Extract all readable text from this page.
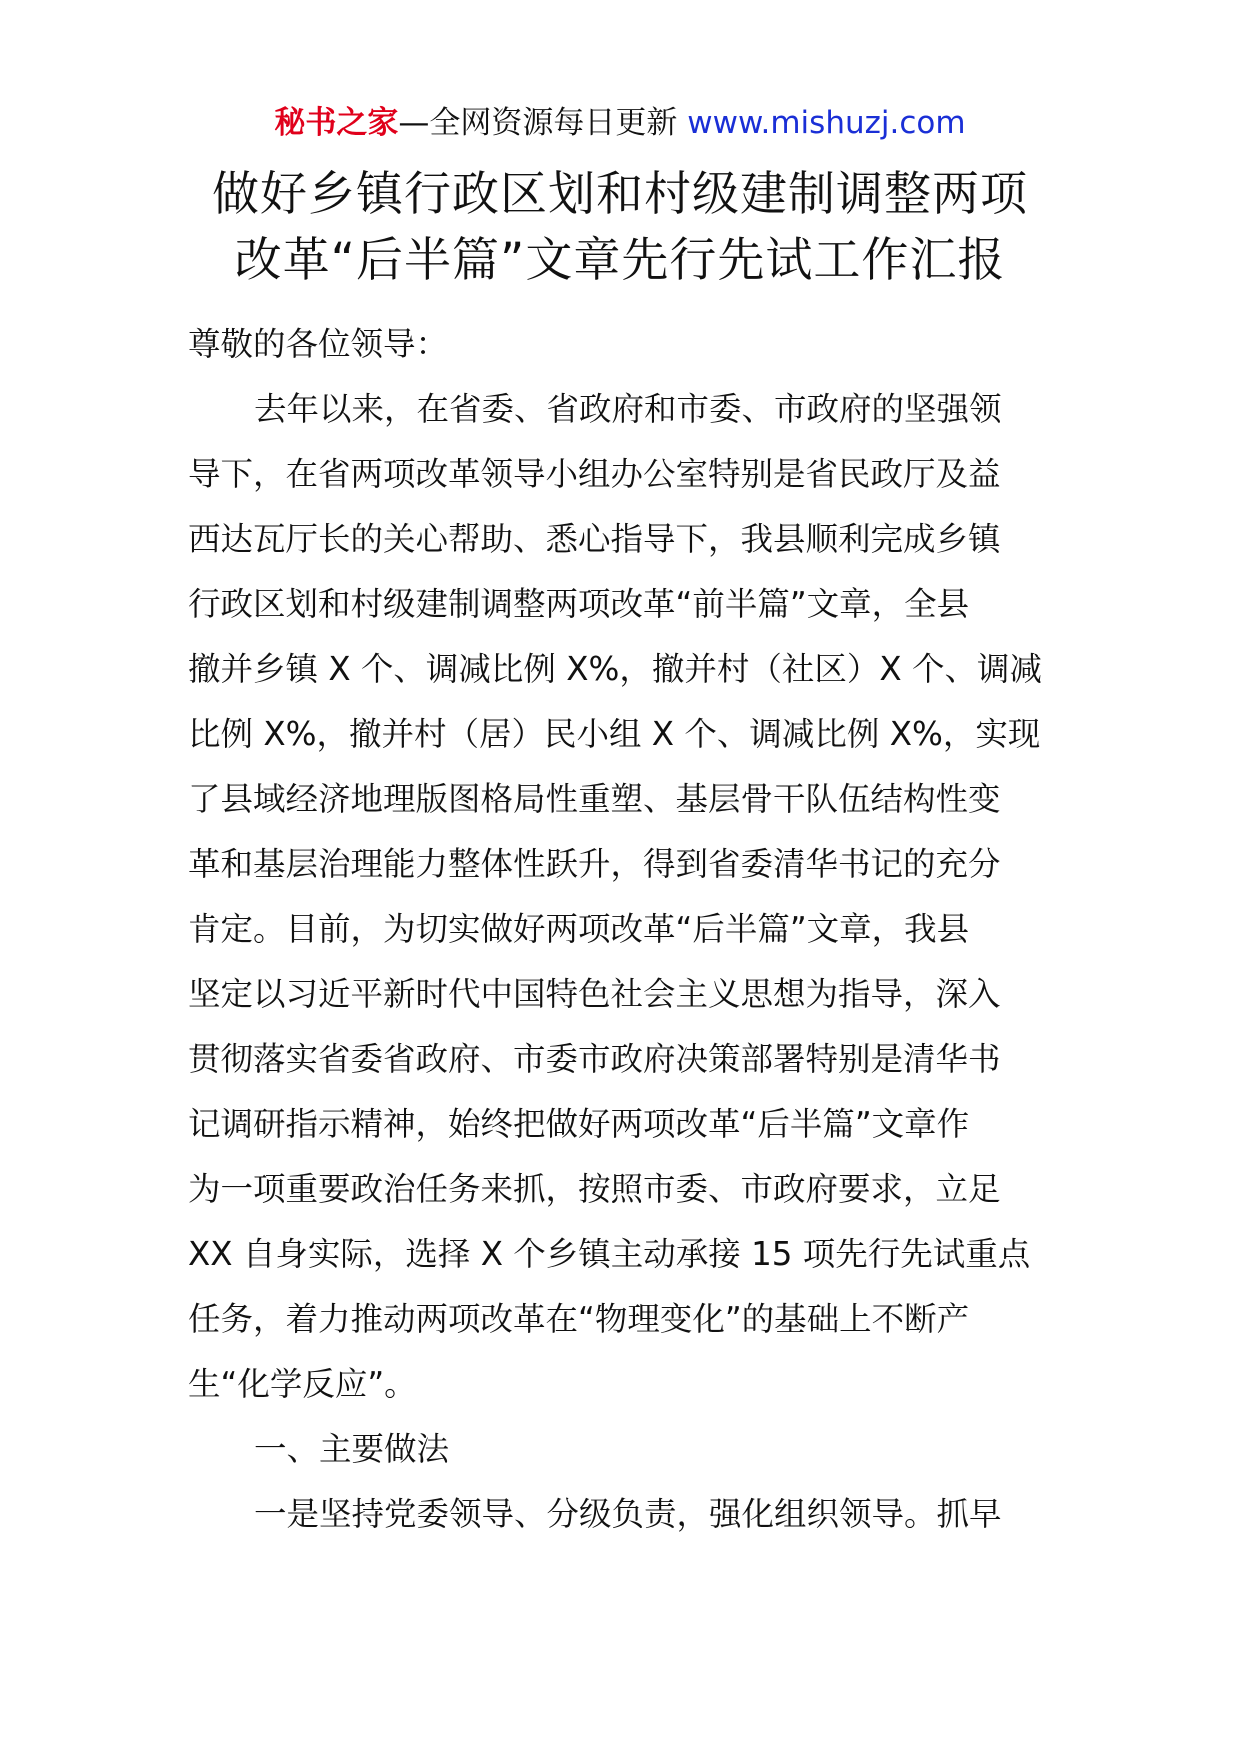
秘书之家—全网资源每日更新 www.mishuzj.com
做好乡镇行政区划和村级建制调整两项
改革“后半篇”文章先行先试工作汇报
尊敬的各位领导：
去年以来，在省委、省政府和市委、市政府的坚强领
导下，在省两项改革领导小组办公室特别是省民政厅及益
西达瓦厅长的关心帮助、悉心指导下，我县顺利完成乡镇
行政区划和村级建制调整两项改革“前半篇”文章，全县
撤并乡镇 X 个、调减比例 X%，撤并村（社区）X 个、调减
比例 X%，撤并村（居）民小组 X 个、调减比例 X%，实现
了县域经济地理版图格局性重塑、基层骨干队伍结构性变
革和基层治理能力整体性跃升，得到省委清华书记的充分
肯定。目前，为切实做好两项改革“后半篇”文章，我县
坚定以习近平新时代中国特色社会主义思想为指导，深入
贯彻落实省委省政府、市委市政府决策部署特别是清华书
记调研指示精神，始终把做好两项改革“后半篇”文章作
为一项重要政治任务来抓，按照市委、市政府要求，立足
XX 自身实际，选择 X 个乡镇主动承接 15 项先行先试重点
任务，着力推动两项改革在“物理变化”的基础上不断产
生“化学反应”。
一、主要做法
一是坚持党委领导、分级负责，强化组织领导。抓早
